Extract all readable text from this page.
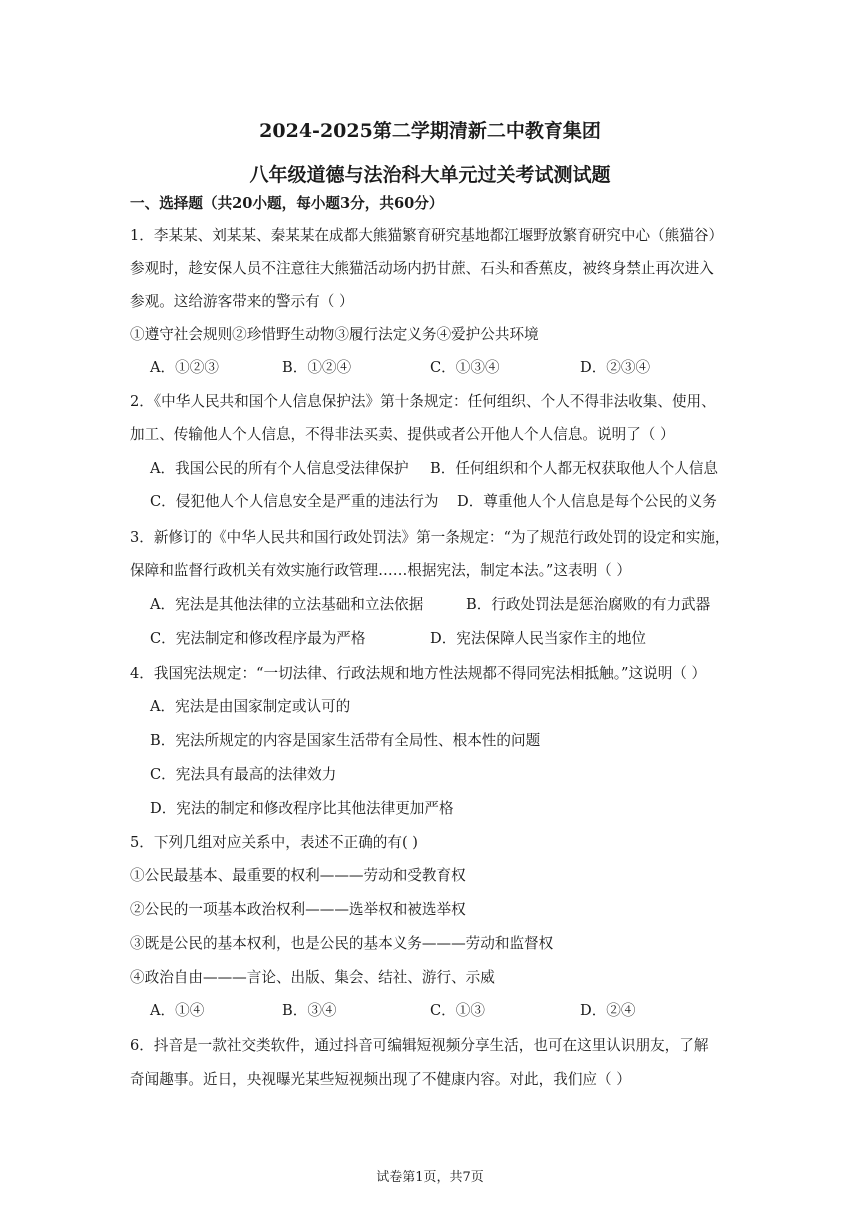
2024-2025第二学期清新二中教育集团
八年级道德与法治科大单元过关考试测试题
一、选择题（共20小题，每小题3分，共60分）
1．李某某、刘某某、秦某某在成都大熊猫繁育研究基地都江堰野放繁育研究中心（熊猫谷）
参观时，趁安保人员不注意往大熊猫活动场内扔甘蔗、石头和香蕉皮，被终身禁止再次进入
参观。这给游客带来的警示有（ ）
①遵守社会规则②珍惜野生动物③履行法定义务④爱护公共环境
A．①②③	B．①②④	C．①③④	D．②③④
2．《中华人民共和国个人信息保护法》第十条规定：任何组织、个人不得非法收集、使用、
加工、传输他人个人信息，不得非法买卖、提供或者公开他人个人信息。说明了（ ）
A．我国公民的所有个人信息受法律保护 B．任何组织和个人都无权获取他人个人信息
C．侵犯他人个人信息安全是严重的违法行为 D．尊重他人个人信息是每个公民的义务
3．新修订的《中华人民共和国行政处罚法》第一条规定：“为了规范行政处罚的设定和实施，
保障和监督行政机关有效实施行政管理……根据宪法，制定本法。”这表明（ ）
A．宪法是其他法律的立法基础和立法依据	B．行政处罚法是惩治腐败的有力武器
C．宪法制定和修改程序最为严格	D．宪法保障人民当家作主的地位
4．我国宪法规定：“一切法律、行政法规和地方性法规都不得同宪法相抵触。”这说明（ ）
A．宪法是由国家制定或认可的
B．宪法所规定的内容是国家生活带有全局性、根本性的问题
C．宪法具有最高的法律效力
D．宪法的制定和修改程序比其他法律更加严格
5．下列几组对应关系中，表述不正确的有( )
①公民最基本、最重要的权利———劳动和受教育权
②公民的一项基本政治权利———选举权和被选举权
③既是公民的基本权利，也是公民的基本义务———劳动和监督权
④政治自由———言论、出版、集会、结社、游行、示威
A．①④	B．③④	C．①③	D．②④
6．抖音是一款社交类软件，通过抖音可编辑短视频分享生活，也可在这里认识朋友，了解
奇闻趣事。近日，央视曝光某些短视频出现了不健康内容。对此，我们应（ ）
试卷第1页，共7页
